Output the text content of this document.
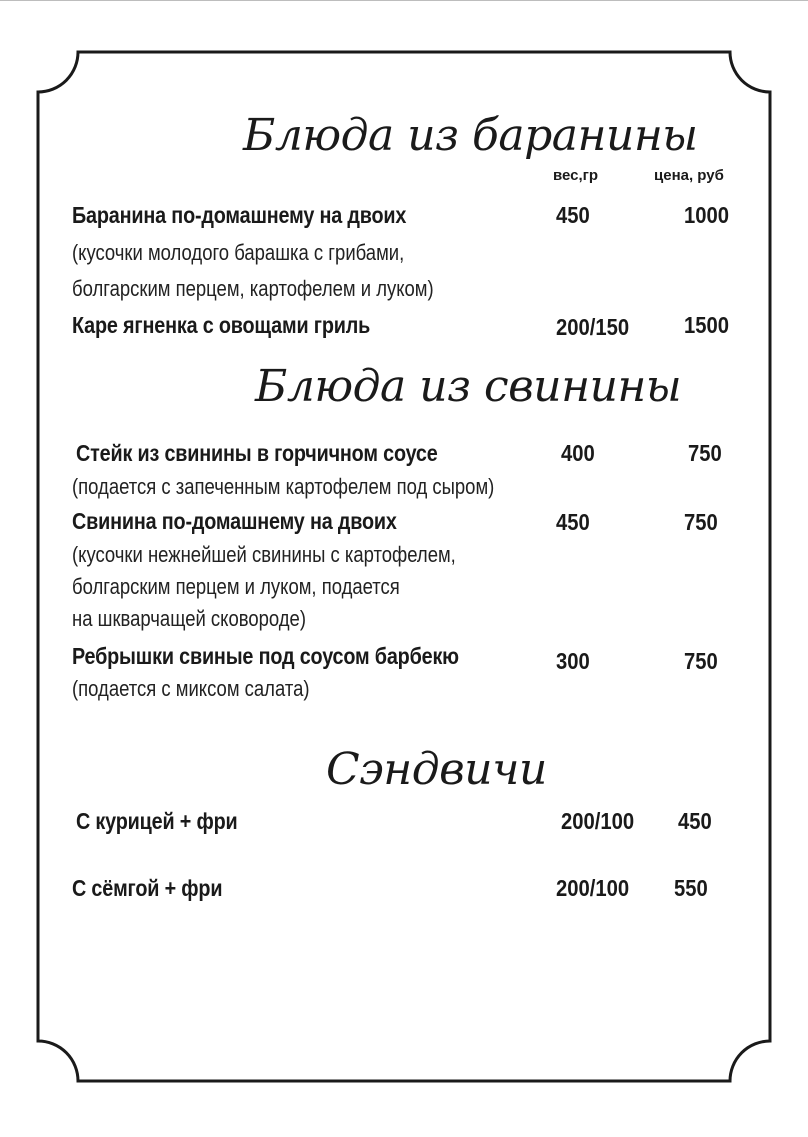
Блюда из баранины
вес,гр	цена, руб
Баранина по-домашнему на двоих	450	1000
(кусочки молодого барашка с грибами,
болгарским перцем, картофелем и луком)
Каре ягненка с овощами гриль	200/150 1500
Блюда из свинины
Стейк из свинины в горчичном соусе	400	750
(подается с запеченным картофелем под сыром)
Свинина по-домашнему на двоих	450	750
(кусочки нежнейшей свинины с картофелем,
болгарским перцем и луком, подается
на шкварчащей сковороде)
Ребрышки свиные под соусом барбекю	300	750
(подается с миксом салата)
Сэндвичи
С курицей + фри	200/100 450
С сёмгой + фри	200/100 550
